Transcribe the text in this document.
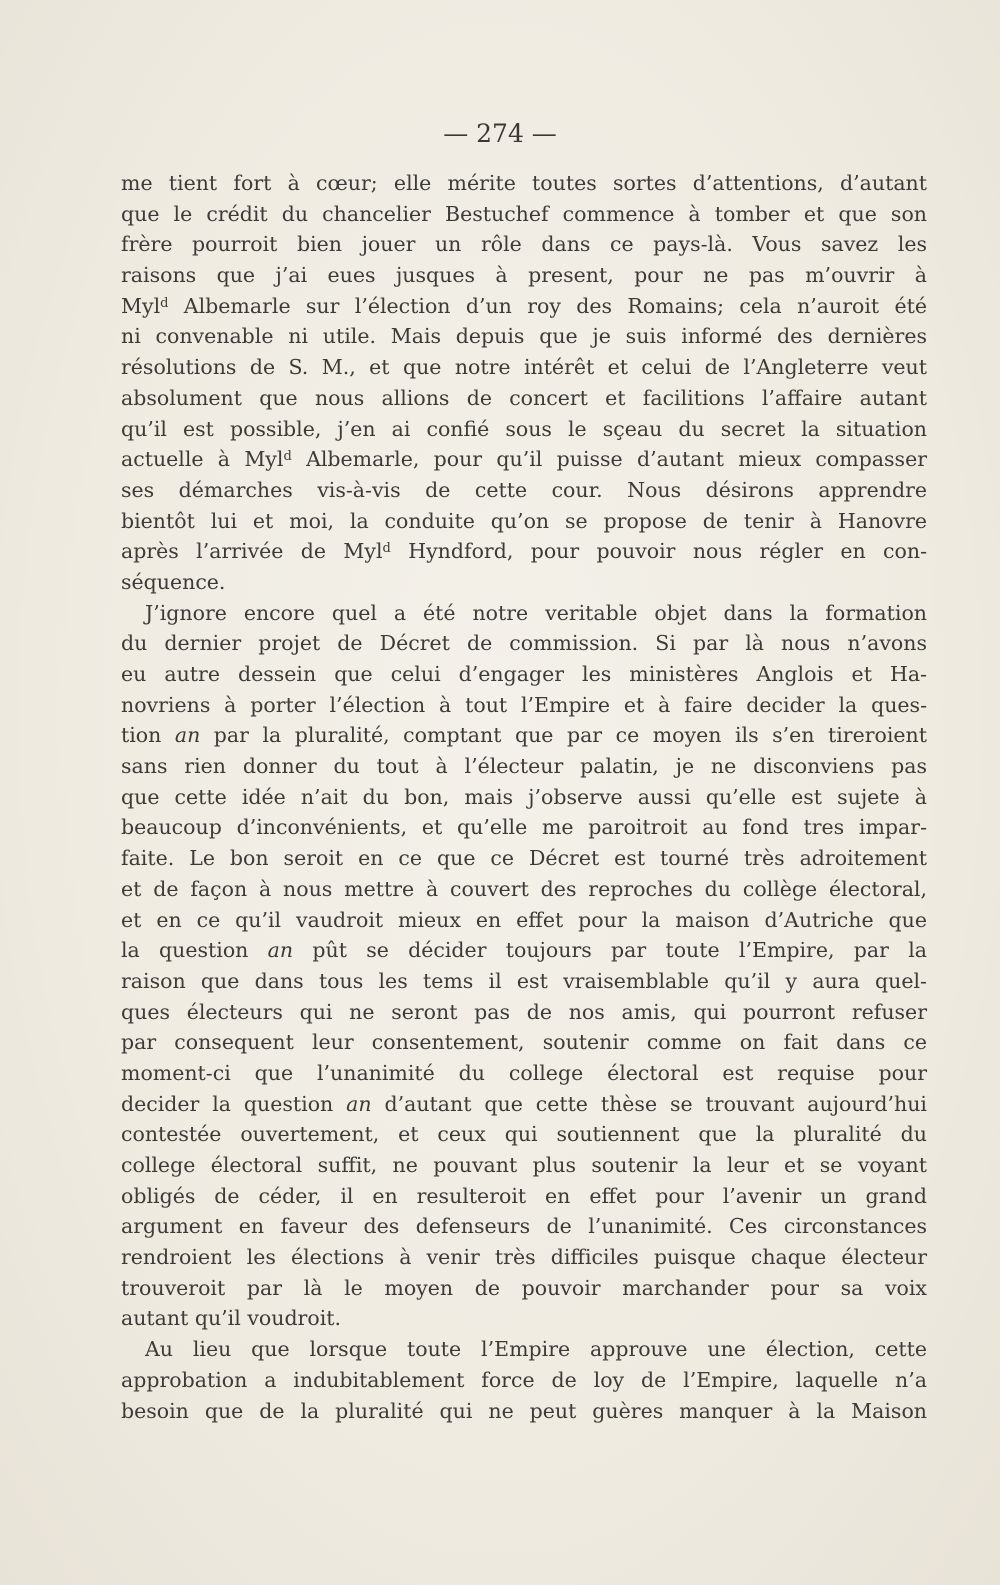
— 274 —
me tient fort à cœur; elle mérite toutes sortes d’attentions, d’autant
que le crédit du chancelier Bestuchef commence à tomber et que son
frère pourroit bien jouer un rôle dans ce pays-là. Vous savez les
raisons que j’ai eues jusques à present, pour ne pas m’ouvrir à
Myl$^d$ Albemarle sur l’élection d’un roy des Romains; cela n’auroit été
ni convenable ni utile. Mais depuis que je suis informé des dernières
résolutions de S. M., et que notre intérêt et celui de l’Angleterre veut
absolument que nous allions de concert et facilitions l’affaire autant
qu’il est possible, j’en ai confié sous le sçeau du secret la situation
actuelle à Myl$^d$ Albemarle, pour qu’il puisse d’autant mieux compasser
ses démarches vis-à-vis de cette cour. Nous désirons apprendre
bientôt lui et moi, la conduite qu’on se propose de tenir à Hanovre
après l’arrivée de Myl$^d$ Hyndford, pour pouvoir nous régler en con-
séquence.
J’ignore encore quel a été notre veritable objet dans la formation
du dernier projet de Décret de commission. Si par là nous n’avons
eu autre dessein que celui d’engager les ministères Anglois et Ha-
novriens à porter l’élection à tout l’Empire et à faire decider la ques-
tion an par la pluralité, comptant que par ce moyen ils s’en tireroient
sans rien donner du tout à l’électeur palatin, je ne disconviens pas
que cette idée n’ait du bon, mais j’observe aussi qu’elle est sujete à
beaucoup d’inconvénients, et qu’elle me paroitroit au fond tres impar-
faite. Le bon seroit en ce que ce Décret est tourné très adroitement
et de façon à nous mettre à couvert des reproches du collège électoral,
et en ce qu’il vaudroit mieux en effet pour la maison d’Autriche que
la question an pût se décider toujours par toute l’Empire, par la
raison que dans tous les tems il est vraisemblable qu’il y aura quel-
ques électeurs qui ne seront pas de nos amis, qui pourront refuser
par consequent leur consentement, soutenir comme on fait dans ce
moment-ci que l’unanimité du college électoral est requise pour
decider la question an d’autant que cette thèse se trouvant aujourd’hui
contestée ouvertement, et ceux qui soutiennent que la pluralité du
college électoral suffit, ne pouvant plus soutenir la leur et se voyant
obligés de céder, il en resulteroit en effet pour l’avenir un grand
argument en faveur des defenseurs de l’unanimité. Ces circonstances
rendroient les élections à venir très difficiles puisque chaque électeur
trouveroit par là le moyen de pouvoir marchander pour sa voix
autant qu’il voudroit.
Au lieu que lorsque toute l’Empire approuve une élection, cette
approbation a indubitablement force de loy de l’Empire, laquelle n’a
besoin que de la pluralité qui ne peut guères manquer à la Maison
